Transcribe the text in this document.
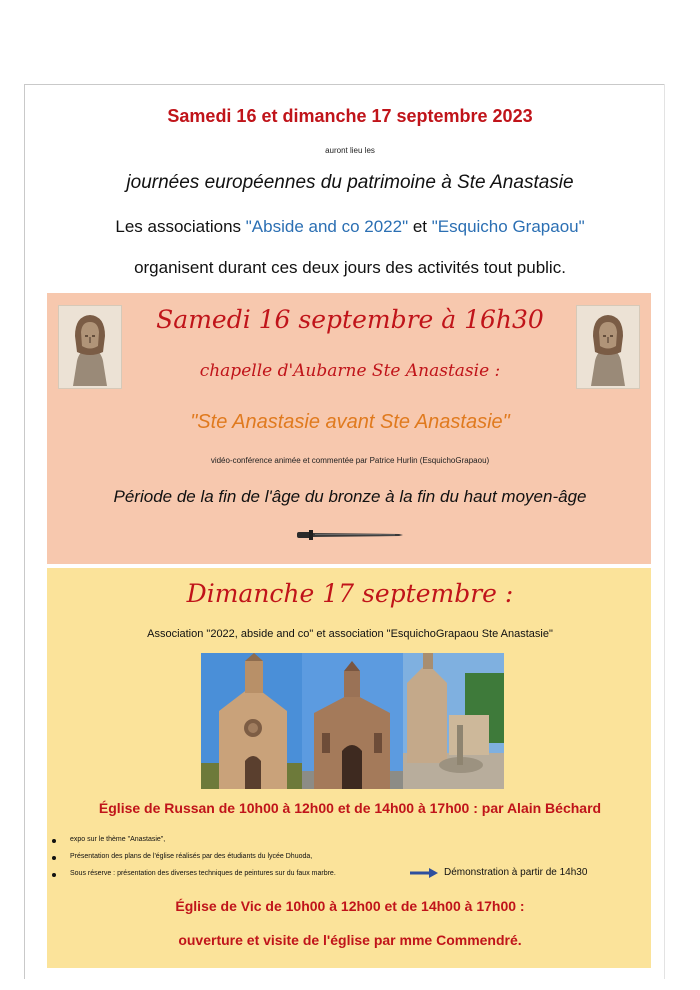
Samedi 16 et dimanche 17 septembre 2023
auront lieu les
journées européennes du patrimoine à Ste Anastasie
Les associations "Abside and co 2022" et "Esquicho Grapaou"
organisent durant ces deux jours des activités tout public.
Samedi 16 septembre à 16h30
chapelle d'Aubarne Ste Anastasie :
"Ste Anastasie avant Ste Anastasie"
vidéo-conférence animée et commentée par Patrice Hurlin (EsquichoGrapaou)
Période de la fin de l'âge du bronze à la fin du haut moyen-âge
Dimanche 17 septembre :
Association "2022, abside and co" et association "EsquichoGrapaou Ste Anastasie"
Église de Russan de 10h00 à 12h00 et de 14h00 à 17h00 : par Alain Béchard
expo sur le thème "Anastasie",
Présentation des plans de l'église réalisés par des étudiants du lycée Dhuoda,
Sous réserve : présentation des diverses techniques de peintures sur du faux marbre.	Démonstration à partir de 14h30
Église de Vic de 10h00 à 12h00 et de 14h00 à 17h00 :
ouverture et visite de l'église par mme Commendré.
